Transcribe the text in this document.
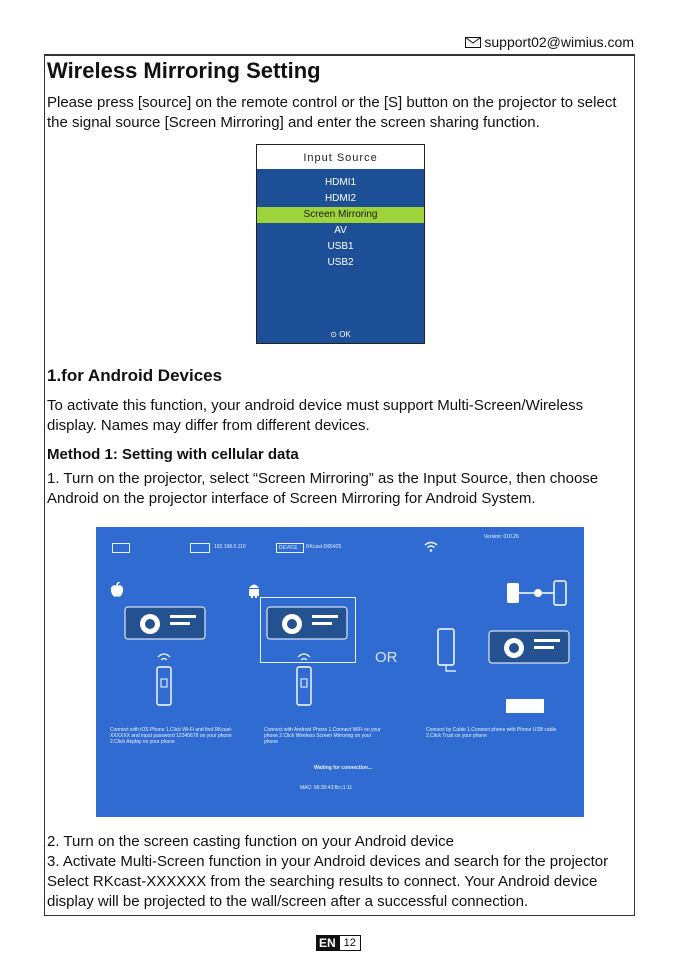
support02@wimius.com
Wireless Mirroring Setting
Please press [source] on the remote control or the [S] button on the projector to select
the signal source [Screen Mirroring] and enter the screen sharing function.
Input Source
HDMI1
HDMI2
Screen Mirroring
AV
USB1
USB2
⊙ OK
1.for Android Devices
To activate this function, your android device must support Multi-Screen/Wireless
display. Names may differ from different devices.
Method 1: Setting with cellular data
1. Turn on the projector, select “Screen Mirroring” as the Input Source, then choose
Android on the projector interface of Screen Mirroring for Android System.
192.168.0.110	DEVICE RKcast-D65425
Version: 010.26
OR
Connect with iOS Phone 1.Click Wi-Fi and find RKcast-XXXXXX and input password 12345678 on your phone 2.Click Airplay on your phone
Connect with Android Phone 1.Connect WiFi on your phone 2.Click Wireless Screen Mirroring on your phone
Connect by Cable 1.Connect phone with Phone USB cable 2.Click Trust on your phone
Waiting for connection...
MAC: 58:30:43:fb:c1:11
2. Turn on the screen casting function on your Android device
3. Activate Multi-Screen function in your Android devices and search for the projector
Select RKcast-XXXXXX from the searching results to connect. Your Android device
display will be projected to the wall/screen after a successful connection.
EN 12
